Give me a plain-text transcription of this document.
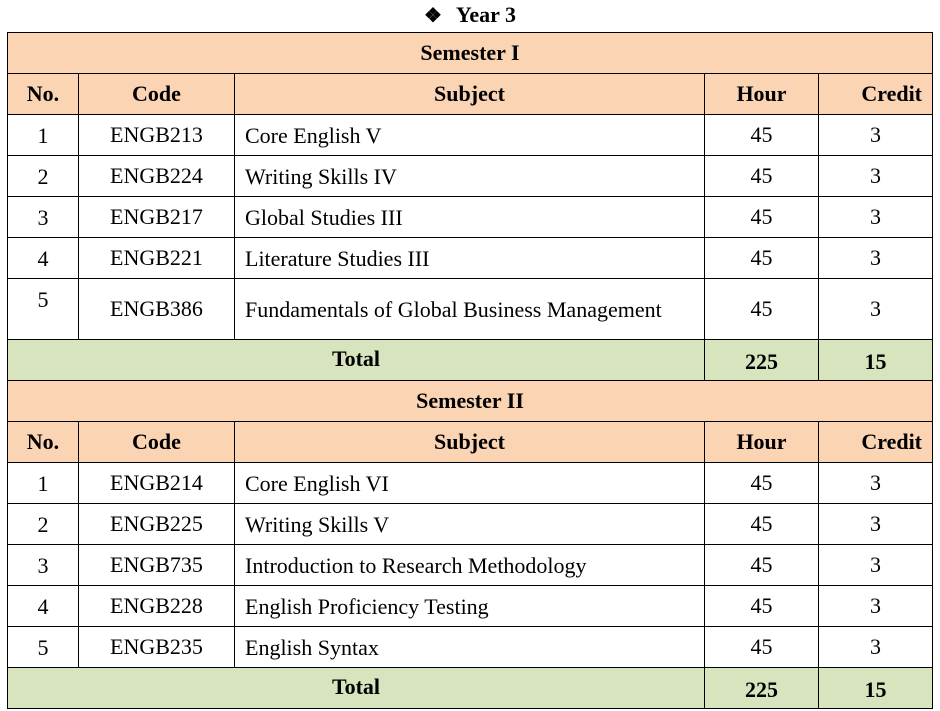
❖ Year 3
Semester I				
No.	Code	Subject	Hour	Credit
1	ENGB213	Core English V	45	3
2	ENGB224	Writing Skills IV	45	3
3	ENGB217	Global Studies III	45	3
4	ENGB221	Literature Studies III	45	3
5	ENGB386	Fundamentals of Global Business Management	45	3
Total			225	15
Semester II				
No.	Code	Subject	Hour	Credit
1	ENGB214	Core English VI	45	3
2	ENGB225	Writing Skills V	45	3
3	ENGB735	Introduction to Research Methodology	45	3
4	ENGB228	English Proficiency Testing	45	3
5	ENGB235	English Syntax	45	3
Total			225	15
